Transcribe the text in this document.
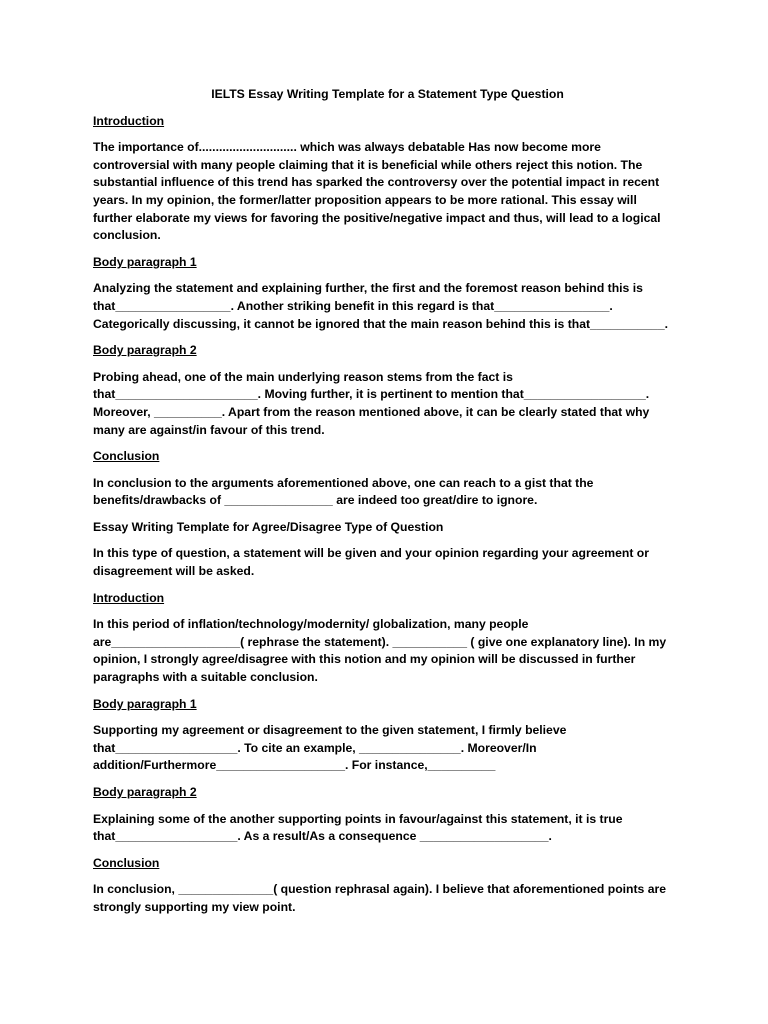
IELTS Essay Writing Template for a Statement Type Question
Introduction
The importance of............................. which was always debatable Has now become more controversial with many people claiming that it is beneficial while others reject this notion. The substantial influence of this trend has sparked the controversy over the potential impact in recent years. In my opinion, the former/latter proposition appears to be more rational. This essay will further elaborate my views for favoring the positive/negative impact and thus, will lead to a logical conclusion.
Body paragraph 1
Analyzing the statement and explaining further, the first and the foremost reason behind this is that_________________. Another striking benefit in this regard is that_________________. Categorically discussing, it cannot be ignored that the main reason behind this is that___________.
Body paragraph 2
Probing ahead, one of the main underlying reason stems from the fact is that_____________________. Moving further, it is pertinent to mention that__________________. Moreover, __________. Apart from the reason mentioned above, it can be clearly stated that why many are against/in favour of this trend.
Conclusion
In conclusion to the arguments aforementioned above, one can reach to a gist that the benefits/drawbacks of ________________ are indeed too great/dire to ignore.
Essay Writing Template for Agree/Disagree Type of Question
In this type of question, a statement will be given and your opinion regarding your agreement or disagreement will be asked.
Introduction
In this period of inflation/technology/modernity/ globalization, many people are___________________( rephrase the statement). ___________ ( give one explanatory line). In my opinion, I strongly agree/disagree with this notion and my opinion will be discussed in further paragraphs with a suitable conclusion.
Body paragraph 1
Supporting my agreement or disagreement to the given statement, I firmly believe that__________________. To cite an example, _______________. Moreover/In addition/Furthermore___________________. For instance,__________
Body paragraph 2
Explaining some of the another supporting points in favour/against this statement, it is true that__________________. As a result/As a consequence ___________________.
Conclusion
In conclusion, ______________( question rephrasal again). I believe that aforementioned points are strongly supporting my view point.
